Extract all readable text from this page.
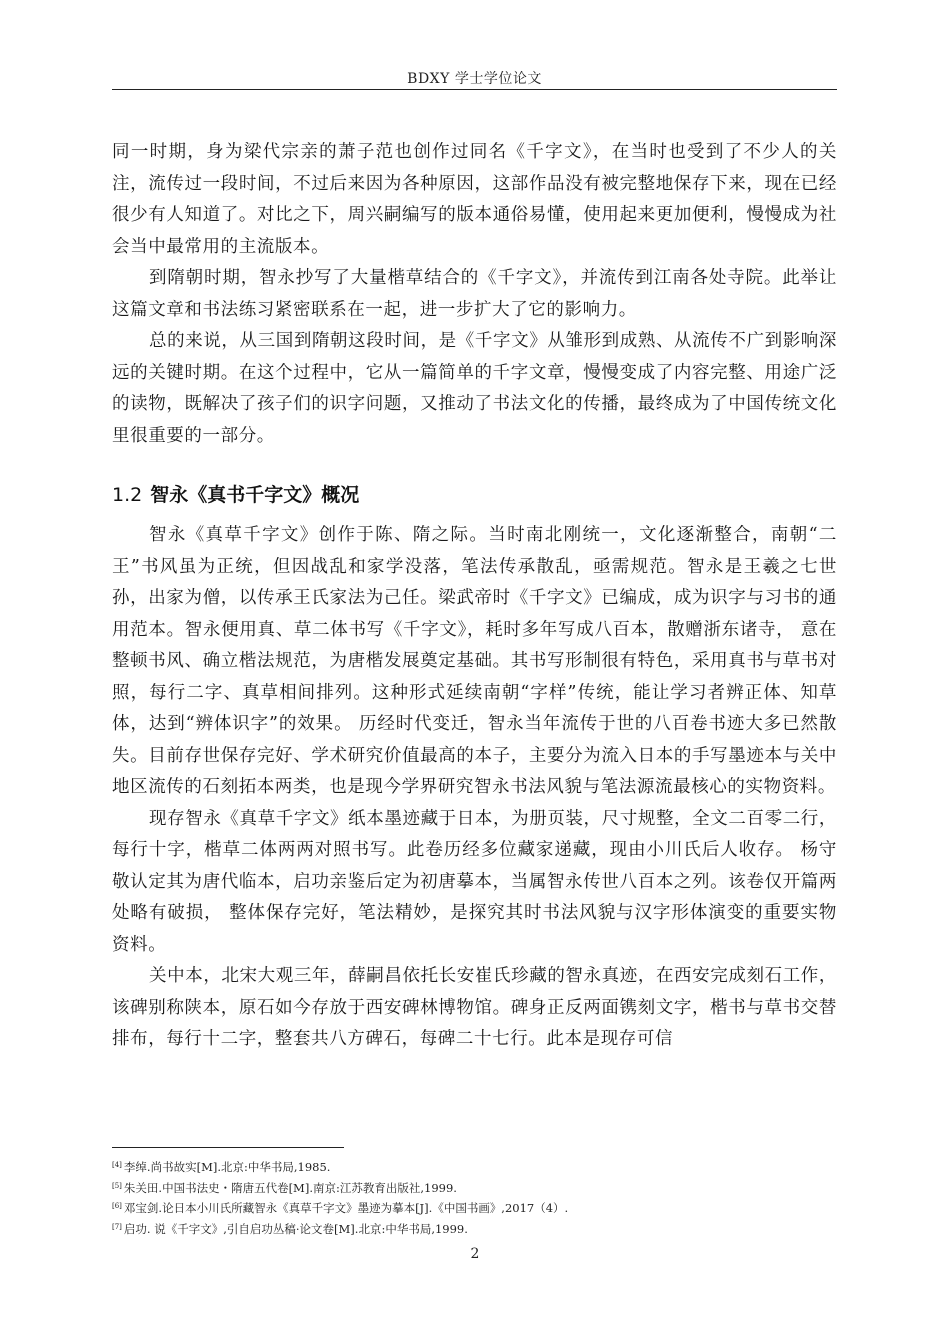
BDXY 学士学位论文

同一时期，身为梁代宗亲的萧子范也创作过同名《千字文》，在当时也受到了不少人的关注，流传过一段时间，不过后来因为各种原因，这部作品没有被完整地保存下来，现在已经很少有人知道了。对比之下，周兴嗣编写的版本通俗易懂，使用起来更加便利，慢慢成为社会当中最常用的主流版本。

到隋朝时期，智永抄写了大量楷草结合的《千字文》，并流传到江南各处寺院。此举让这篇文章和书法练习紧密联系在一起，进一步扩大了它的影响力。

总的来说，从三国到隋朝这段时间，是《千字文》从雏形到成熟、从流传不广到影响深远的关键时期。在这个过程中，它从一篇简单的千字文章，慢慢变成了内容完整、用途广泛的读物，既解决了孩子们的识字问题，又推动了书法文化的传播，最终成为了中国传统文化里很重要的一部分。

1.2 智永《真书千字文》概况

智永《真草千字文》创作于陈、隋之际。当时南北刚统一，文化逐渐整合，南朝“二王”书风虽为正统，但因战乱和家学没落，笔法传承散乱，亟需规范。智永是王羲之七世孙，出家为僧，以传承王氏家法为己任。梁武帝时《千字文》已编成，成为识字与习书的通用范本。智永便用真、草二体书写《千字文》，耗时多年写成八百本，散赠浙东诸寺， 意在整顿书风、确立楷法规范，为唐楷发展奠定基础。其书写形制很有特色，采用真书与草书对照，每行二字、真草相间排列。这种形式延续南朝“字样”传统，能让学习者辨正体、知草体，达到“辨体识字”的效果。 历经时代变迁，智永当年流传于世的八百卷书迹大多已然散失。目前存世保存完好、学术研究价值最高的本子，主要分为流入日本的手写墨迹本与关中地区流传的石刻拓本两类，也是现今学界研究智永书法风貌与笔法源流最核心的实物资料。

现存智永《真草千字文》纸本墨迹藏于日本，为册页装，尺寸规整，全文二百零二行，每行十字，楷草二体两两对照书写。此卷历经多位藏家递藏，现由小川氏后人收存。 杨守敬认定其为唐代临本，启功亲鉴后定为初唐摹本，当属智永传世八百本之列。该卷仅开篇两处略有破损， 整体保存完好，笔法精妙，是探究其时书法风貌与汉字形体演变的重要实物资料。

关中本，北宋大观三年，薛嗣昌依托长安崔氏珍藏的智永真迹，在西安完成刻石工作，该碑别称陕本，原石如今存放于西安碑林博物馆。碑身正反两面镌刻文字，楷书与草书交替排布，每行十二字，整套共八方碑石，每碑二十七行。此本是现存可信

[4] 李绰.尚书故实[M].北京:中华书局,1985.
[5] 朱关田.中国书法史・隋唐五代卷[M].南京:江苏教育出版社,1999.
[6] 邓宝剑.论日本小川氏所藏智永《真草千字文》墨迹为摹本[J].《中国书画》,2017（4）.
[7] 启功. 说《千字文》,引自启功丛稿·论文卷[M].北京:中华书局,1999.
2
